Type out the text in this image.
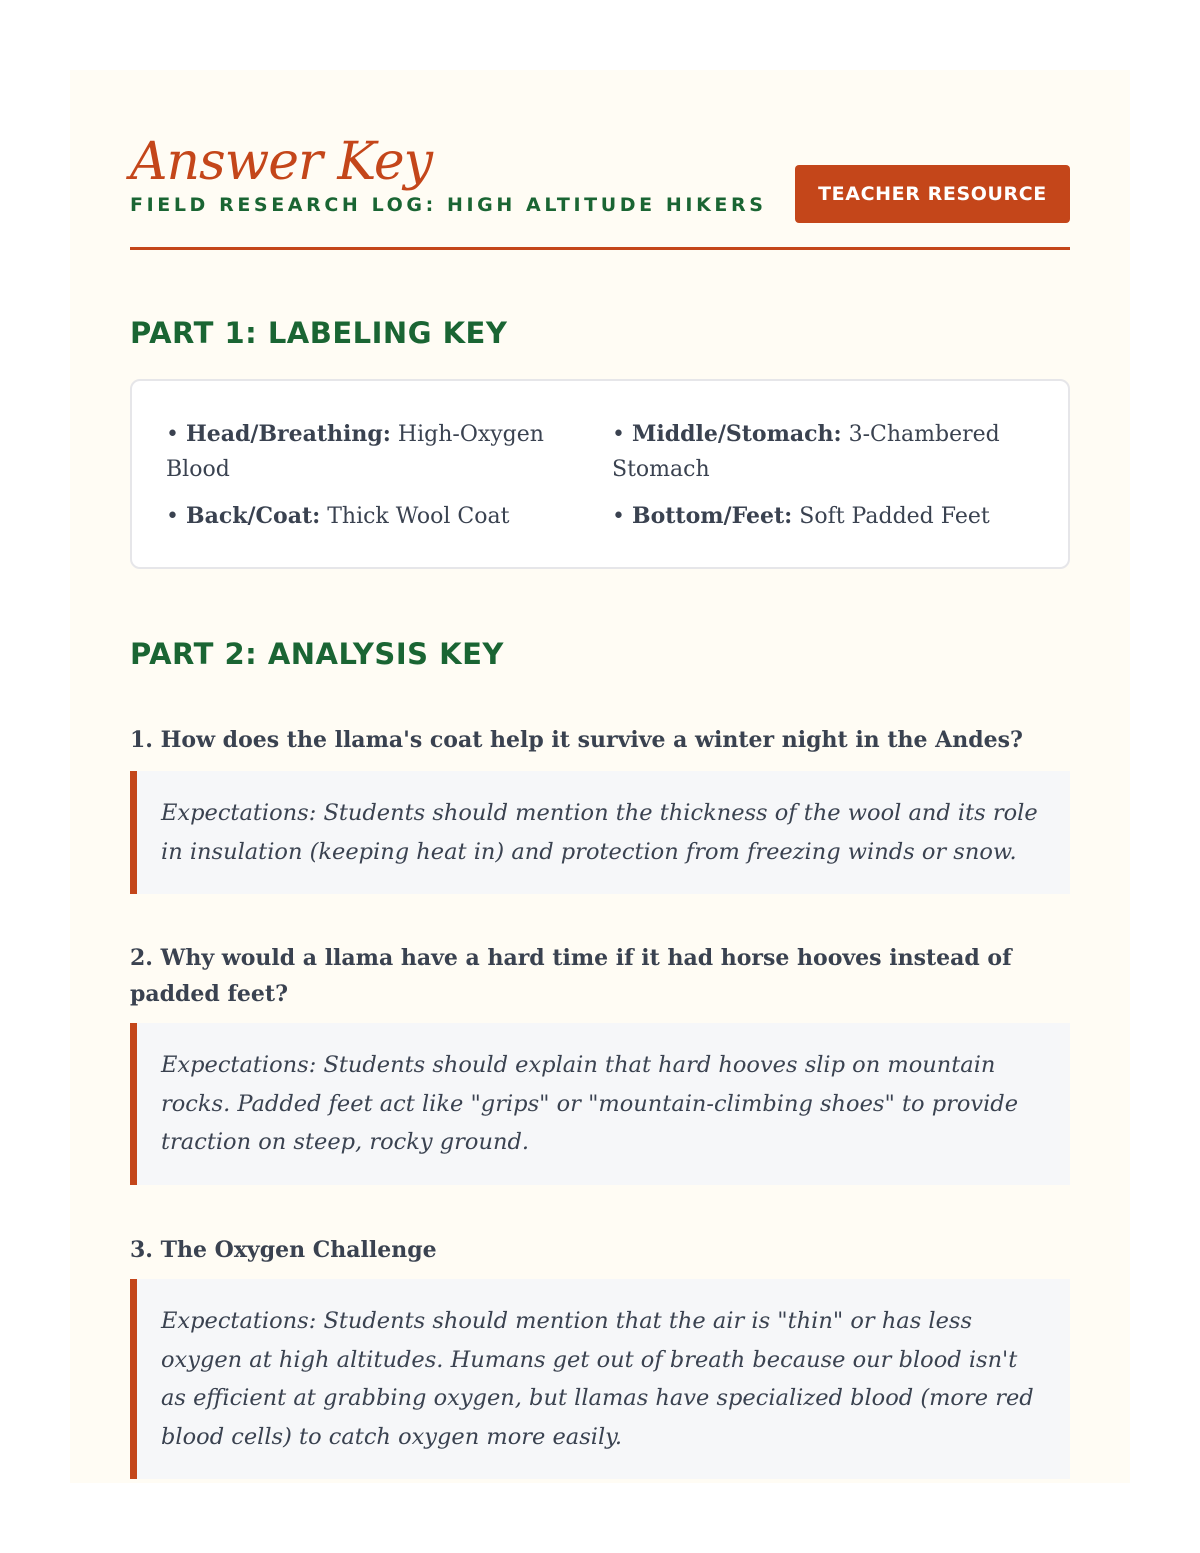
Answer Key
FIELD RESEARCH LOG: HIGH ALTITUDE HIKERS	TEACHER RESOURCE
PART 1: LABELING KEY
• Head/Breathing: High-Oxygen Blood
• Middle/Stomach: 3-Chambered Stomach
• Back/Coat: Thick Wool Coat	• Bottom/Feet: Soft Padded Feet
PART 2: ANALYSIS KEY

1. How does the llama's coat help it survive a winter night in the Andes?

Expectations: Students should mention the thickness of the wool and its role in insulation (keeping heat in) and protection from freezing winds or snow.

2. Why would a llama have a hard time if it had horse hooves instead of padded feet?

Expectations: Students should explain that hard hooves slip on mountain rocks. Padded feet act like "grips" or "mountain-climbing shoes" to provide traction on steep, rocky ground.

3. The Oxygen Challenge

Expectations: Students should mention that the air is "thin" or has less oxygen at high altitudes. Humans get out of breath because our blood isn't as efficient at grabbing oxygen, but llamas have specialized blood (more red blood cells) to catch oxygen more easily.
